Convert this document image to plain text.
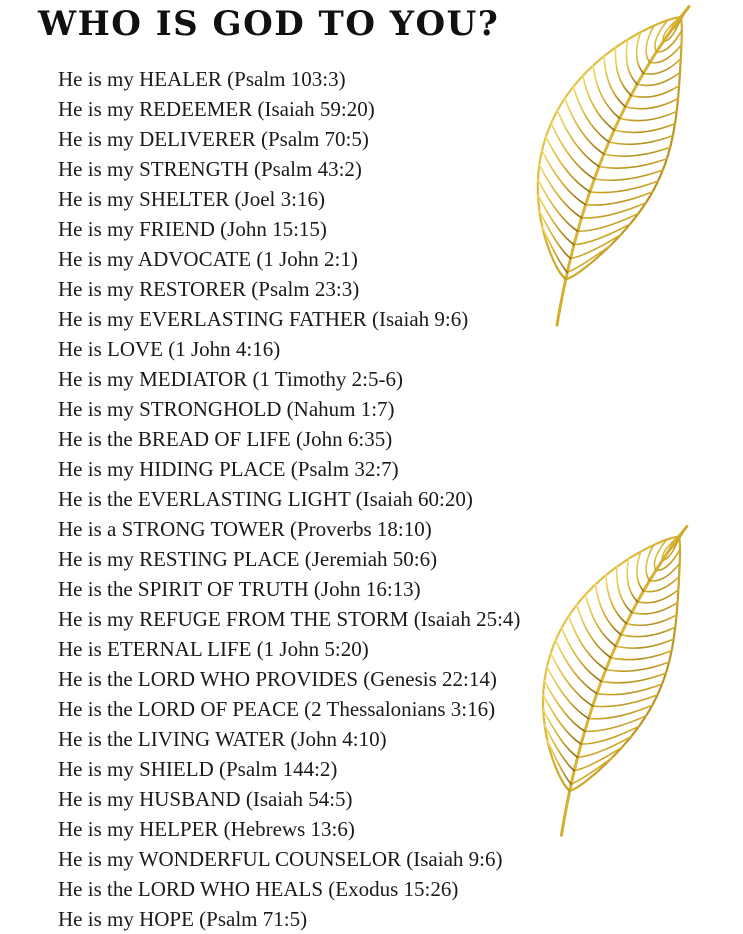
WHO IS GOD TO YOU?
He is my HEALER (Psalm 103:3)
He is my REDEEMER (Isaiah 59:20)
He is my DELIVERER (Psalm 70:5)
He is my STRENGTH (Psalm 43:2)
He is my SHELTER (Joel 3:16)
He is my FRIEND (John 15:15)
He is my ADVOCATE (1 John 2:1)
He is my RESTORER (Psalm 23:3)
He is my EVERLASTING FATHER (Isaiah 9:6)
He is LOVE (1 John 4:16)
He is my MEDIATOR (1 Timothy 2:5-6)
He is my STRONGHOLD (Nahum 1:7)
He is the BREAD OF LIFE (John 6:35)
He is my HIDING PLACE (Psalm 32:7)
He is the EVERLASTING LIGHT (Isaiah 60:20)
He is a STRONG TOWER (Proverbs 18:10)
He is my RESTING PLACE (Jeremiah 50:6)
He is the SPIRIT OF TRUTH (John 16:13)
He is my REFUGE FROM THE STORM (Isaiah 25:4)
He is ETERNAL LIFE (1 John 5:20)
He is the LORD WHO PROVIDES (Genesis 22:14)
He is the LORD OF PEACE (2 Thessalonians 3:16)
He is the LIVING WATER (John 4:10)
He is my SHIELD (Psalm 144:2)
He is my HUSBAND (Isaiah 54:5)
He is my HELPER (Hebrews 13:6)
He is my WONDERFUL COUNSELOR (Isaiah 9:6)
He is the LORD WHO HEALS (Exodus 15:26)
He is my HOPE (Psalm 71:5)
